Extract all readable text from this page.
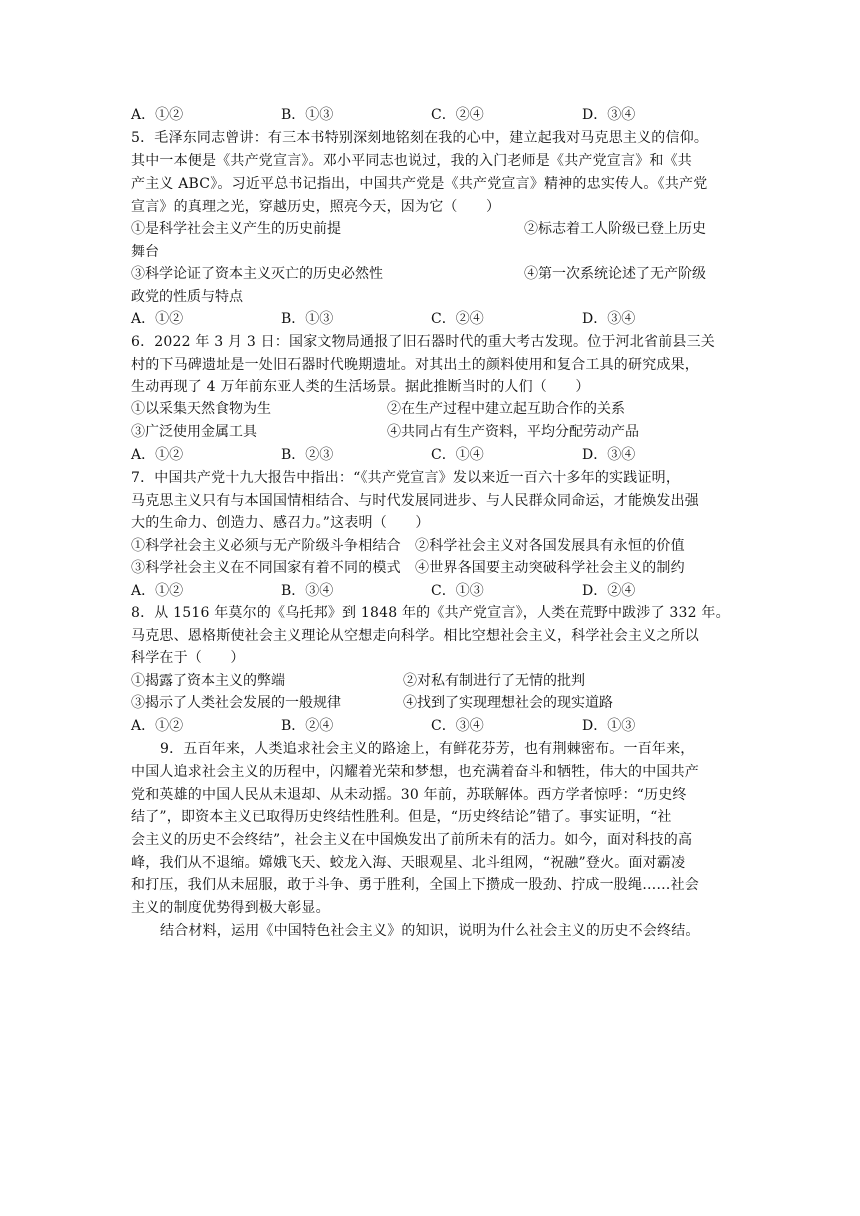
A．①②	B．①③	C．②④	D．③④
5．毛泽东同志曾讲：有三本书特别深刻地铭刻在我的心中，建立起我对马克思主义的信仰。
其中一本便是《共产党宣言》。邓小平同志也说过，我的入门老师是《共产党宣言》和《共
产主义 ABC》。习近平总书记指出，中国共产党是《共产党宣言》精神的忠实传人。《共产党
宣言》的真理之光，穿越历史，照亮今天，因为它（　　）
①是科学社会主义产生的历史前提	②标志着工人阶级已登上历史
舞台
③科学论证了资本主义灭亡的历史必然性	④第一次系统论述了无产阶级
政党的性质与特点
A．①②	B．①③	C．②④	D．③④
6．2022 年 3 月 3 日：国家文物局通报了旧石器时代的重大考古发现。位于河北省前县三关
村的下马碑遗址是一处旧石器时代晚期遗址。对其出土的颜料使用和复合工具的研究成果，
生动再现了 4 万年前东亚人类的生活场景。据此推断当时的人们（　　）
①以采集天然食物为生	②在生产过程中建立起互助合作的关系
③广泛使用金属工具	④共同占有生产资料，平均分配劳动产品
A．①②	B．②③	C．①④	D．③④
7．中国共产党十九大报告中指出：“《共产党宣言》发以来近一百六十多年的实践证明，
马克思主义只有与本国国情相结合、与时代发展同进步、与人民群众同命运，才能焕发出强
大的生命力、创造力、感召力。”这表明（　　）
①科学社会主义必须与无产阶级斗争相结合　②科学社会主义对各国发展具有永恒的价值
③科学社会主义在不同国家有着不同的模式　④世界各国要主动突破科学社会主义的制约
A．①②	B．③④	C．①③	D．②④
8．从 1516 年莫尔的《乌托邦》到 1848 年的《共产党宣言》，人类在荒野中跋涉了 332 年。
马克思、恩格斯使社会主义理论从空想走向科学。相比空想社会主义，科学社会主义之所以
科学在于（　　）
①揭露了资本主义的弊端	②对私有制进行了无情的批判
③揭示了人类社会发展的一般规律	④找到了实现理想社会的现实道路
A．①②	B．②④	C．③④	D．①③
9．五百年来，人类追求社会主义的路途上，有鲜花芬芳，也有荆棘密布。一百年来，
中国人追求社会主义的历程中，闪耀着光荣和梦想，也充满着奋斗和牺牲，伟大的中国共产
党和英雄的中国人民从未退却、从未动摇。30 年前，苏联解体。西方学者惊呼：“历史终
结了”，即资本主义已取得历史终结性胜利。但是，“历史终结论”错了。事实证明，“社
会主义的历史不会终结”，社会主义在中国焕发出了前所未有的活力。如今，面对科技的高
峰，我们从不退缩。嫦娥飞天、蛟龙入海、天眼观星、北斗组网，“祝融”登火。面对霸凌
和打压，我们从未屈服，敢于斗争、勇于胜利，全国上下攒成一股劲、拧成一股绳……社会
主义的制度优势得到极大彰显。
结合材料，运用《中国特色社会主义》的知识，说明为什么社会主义的历史不会终结。
